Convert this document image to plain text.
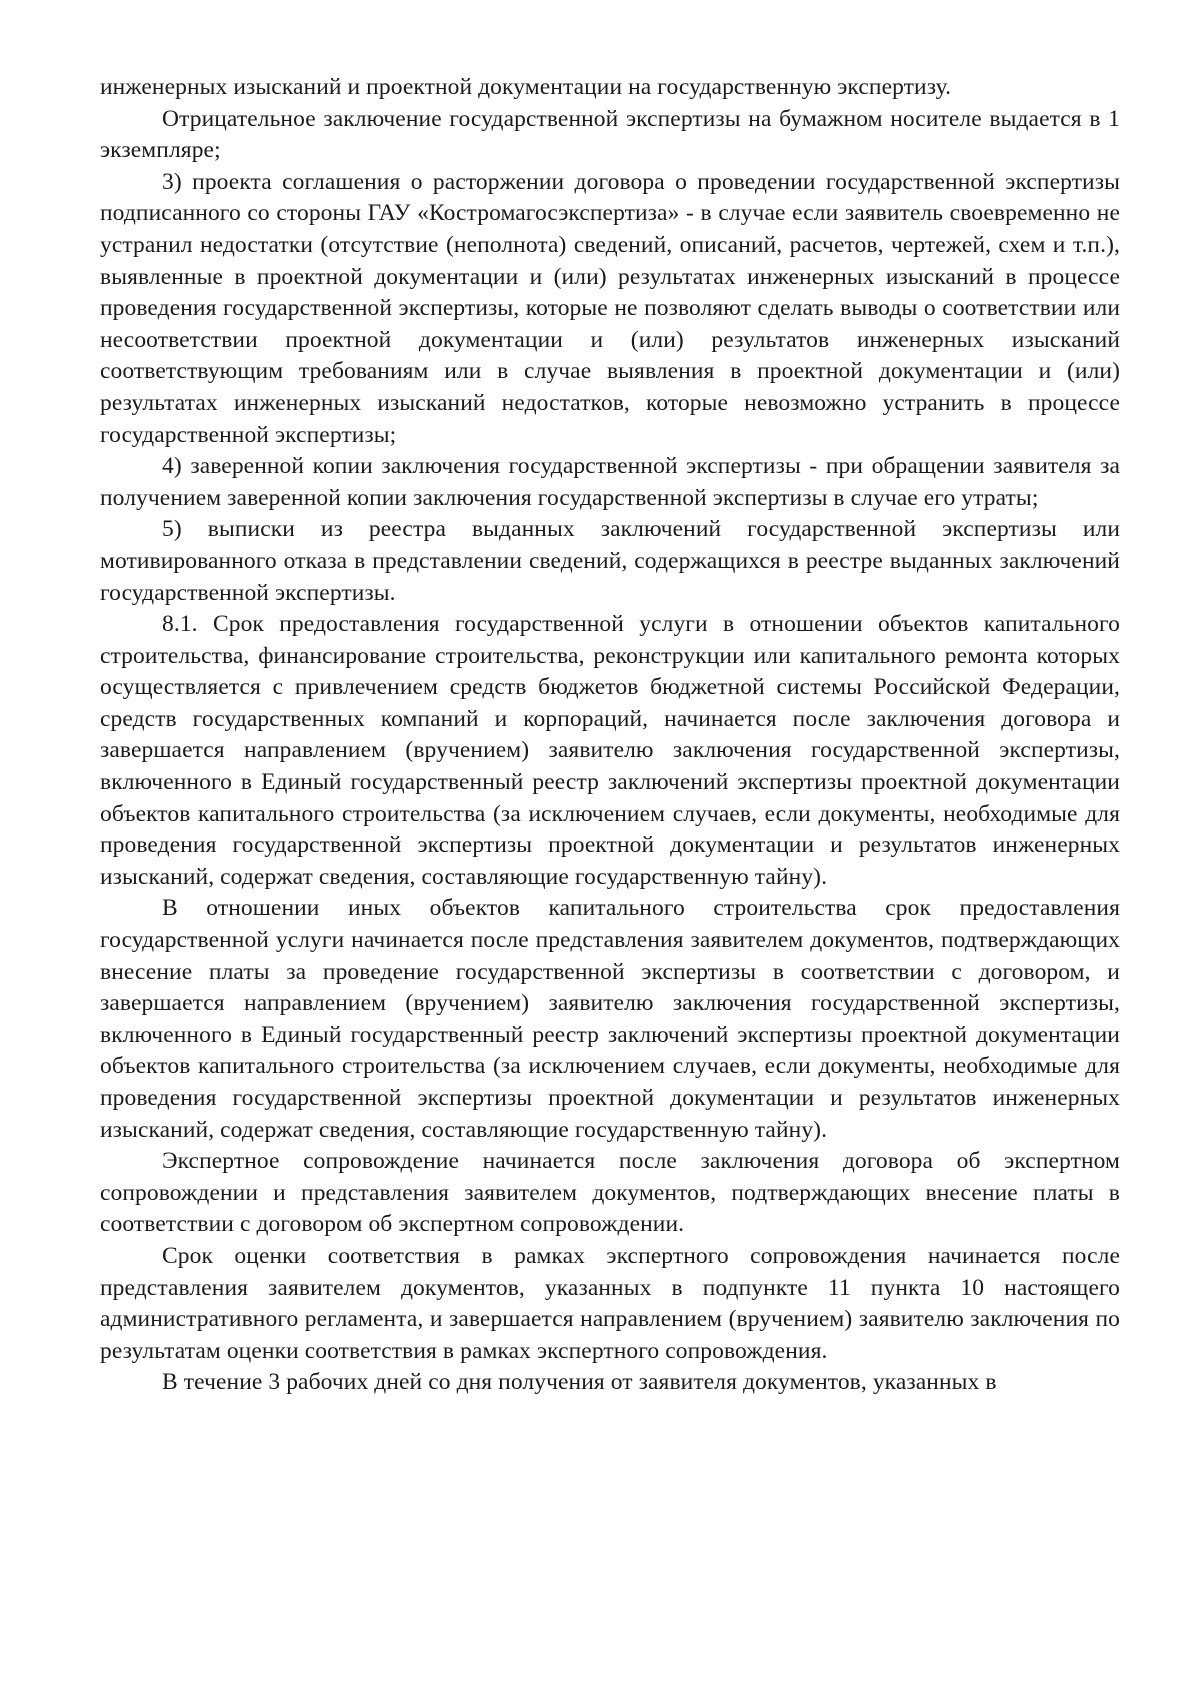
инженерных изысканий и проектной документации на государственную экспертизу.

Отрицательное заключение государственной экспертизы на бумажном носителе выдается в 1 экземпляре;

3) проекта соглашения о расторжении договора о проведении государственной экспертизы подписанного со стороны ГАУ «Костромагосэкспертиза» - в случае если заявитель своевременно не устранил недостатки (отсутствие (неполнота) сведений, описаний, расчетов, чертежей, схем и т.п.), выявленные в проектной документации и (или) результатах инженерных изысканий в процессе проведения государственной экспертизы, которые не позволяют сделать выводы о соответствии или несоответствии проектной документации и (или) результатов инженерных изысканий соответствующим требованиям или в случае выявления в проектной документации и (или) результатах инженерных изысканий недостатков, которые невозможно устранить в процессе государственной экспертизы;

4) заверенной копии заключения государственной экспертизы - при обращении заявителя за получением заверенной копии заключения государственной экспертизы в случае его утраты;

5) выписки из реестра выданных заключений государственной экспертизы или мотивированного отказа в представлении сведений, содержащихся в реестре выданных заключений государственной экспертизы.

8.1. Срок предоставления государственной услуги в отношении объектов капитального строительства, финансирование строительства, реконструкции или капитального ремонта которых осуществляется с привлечением средств бюджетов бюджетной системы Российской Федерации, средств государственных компаний и корпораций, начинается после заключения договора и завершается направлением (вручением) заявителю заключения государственной экспертизы, включенного в Единый государственный реестр заключений экспертизы проектной документации объектов капитального строительства (за исключением случаев, если документы, необходимые для проведения государственной экспертизы проектной документации и результатов инженерных изысканий, содержат сведения, составляющие государственную тайну).

В отношении иных объектов капитального строительства срок предоставления государственной услуги начинается после представления заявителем документов, подтверждающих внесение платы за проведение государственной экспертизы в соответствии с договором, и завершается направлением (вручением) заявителю заключения государственной экспертизы, включенного в Единый государственный реестр заключений экспертизы проектной документации объектов капитального строительства (за исключением случаев, если документы, необходимые для проведения государственной экспертизы проектной документации и результатов инженерных изысканий, содержат сведения, составляющие государственную тайну).

Экспертное сопровождение начинается после заключения договора об экспертном сопровождении и представления заявителем документов, подтверждающих внесение платы в соответствии с договором об экспертном сопровождении.

Срок оценки соответствия в рамках экспертного сопровождения начинается после представления заявителем документов, указанных в подпункте 11 пункта 10 настоящего административного регламента, и завершается направлением (вручением) заявителю заключения по результатам оценки соответствия в рамках экспертного сопровождения.

В течение 3 рабочих дней со дня получения от заявителя документов, указанных в
